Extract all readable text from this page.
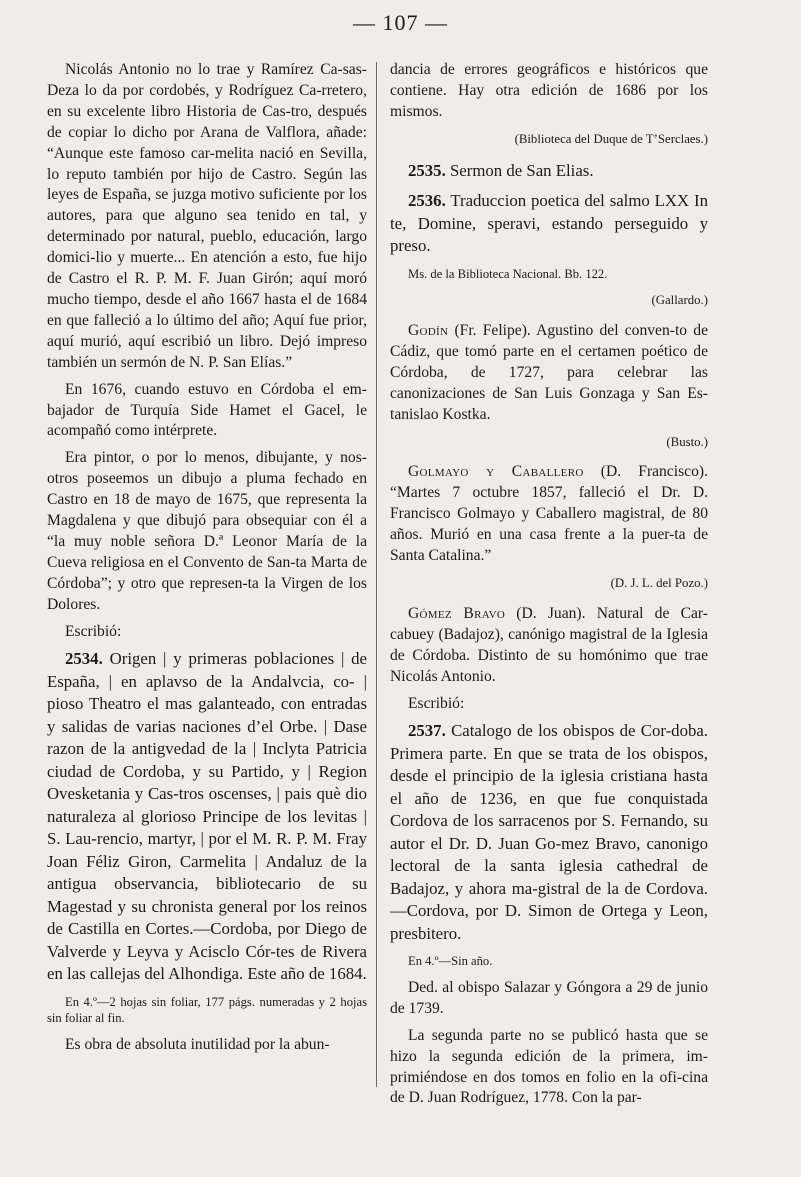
— 107 —

Nicolás Antonio no lo trae y Ramírez Ca-sas-Deza lo da por cordobés, y Rodríguez Ca-rretero, en su excelente libro Historia de Cas-tro, después de copiar lo dicho por Arana de Valflora, añade: “Aunque este famoso car-melita nació en Sevilla, lo reputo también por hijo de Castro. Según las leyes de España, se juzga motivo suficiente por los autores, para que alguno sea tenido en tal, y determinado por natural, pueblo, educación, largo domici-lio y muerte... En atención a esto, fue hijo de Castro el R. P. M. F. Juan Girón; aquí moró mucho tiempo, desde el año 1667 hasta el de 1684 en que falleció a lo último del año; Aquí fue prior, aquí murió, aquí escribió un libro. Dejó impreso también un sermón de N. P. San Elías.”

En 1676, cuando estuvo en Córdoba el em-bajador de Turquía Side Hamet el Gacel, le acompañó como intérprete.

Era pintor, o por lo menos, dibujante, y nos-otros poseemos un dibujo a pluma fechado en Castro en 18 de mayo de 1675, que representa la Magdalena y que dibujó para obsequiar con él a “la muy noble señora D.ª Leonor María de la Cueva religiosa en el Convento de San-ta Marta de Córdoba”; y otro que represen-ta la Virgen de los Dolores.

Escribió:

2534. Origen | y primeras poblaciones | de España, | en aplavso de la Andalvcia, co- | pioso Theatro el mas galanteado, con entradas y salidas de varias naciones d’el Orbe. | Dase razon de la antigvedad de la | Inclyta Patricia ciudad de Cordoba, y su Partido, y | Region Ovesketania y Cas-tros oscenses, | pais què dio naturaleza al glorioso Principe de los levitas | S. Lau-rencio, martyr, | por el M. R. P. M. Fray Joan Féliz Giron, Carmelita | Andaluz de la antigua observancia, bibliotecario de su Magestad y su chronista general por los reinos de Castilla en Cortes.—Cordoba, por Diego de Valverde y Leyva y Acisclo Cór-tes de Rivera en las callejas del Alhondiga. Este año de 1684.

En 4.º—2 hojas sin foliar, 177 págs. numeradas y 2 hojas sin foliar al fin.

Es obra de absoluta inutilidad por la abun-

dancia de errores geográficos e históricos que contiene. Hay otra edición de 1686 por los mismos.

(Biblioteca del Duque de T’Serclaes.)

2535. Sermon de San Elias.

2536. Traduccion poetica del salmo LXX In te, Domine, speravi, estando perseguido y preso.

Ms. de la Biblioteca Nacional. Bb. 122.

(Gallardo.)

Godín (Fr. Felipe). Agustino del conven-to de Cádiz, que tomó parte en el certamen poético de Córdoba, de 1727, para celebrar las canonizaciones de San Luis Gonzaga y San Es-tanislao Kostka.

(Busto.)

Golmayo y Caballero (D. Francisco). “Martes 7 octubre 1857, falleció el Dr. D. Francisco Golmayo y Caballero magistral, de 80 años. Murió en una casa frente a la puer-ta de Santa Catalina.”

(D. J. L. del Pozo.)

Gómez Bravo (D. Juan). Natural de Car-cabuey (Badajoz), canónigo magistral de la Iglesia de Córdoba. Distinto de su homónimo que trae Nicolás Antonio.

Escribió:

2537. Catalogo de los obispos de Cor-doba. Primera parte. En que se trata de los obispos, desde el principio de la iglesia cristiana hasta el año de 1236, en que fue conquistada Cordova de los sarracenos por S. Fernando, su autor el Dr. D. Juan Go-mez Bravo, canonigo lectoral de la santa iglesia cathedral de Badajoz, y ahora ma-gistral de la de Cordova.—Cordova, por D. Simon de Ortega y Leon, presbitero.

En 4.º—Sin año.

Ded. al obispo Salazar y Góngora a 29 de junio de 1739.

La segunda parte no se publicó hasta que se hizo la segunda edición de la primera, im-primiéndose en dos tomos en folio en la ofi-cina de D. Juan Rodríguez, 1778. Con la par-
